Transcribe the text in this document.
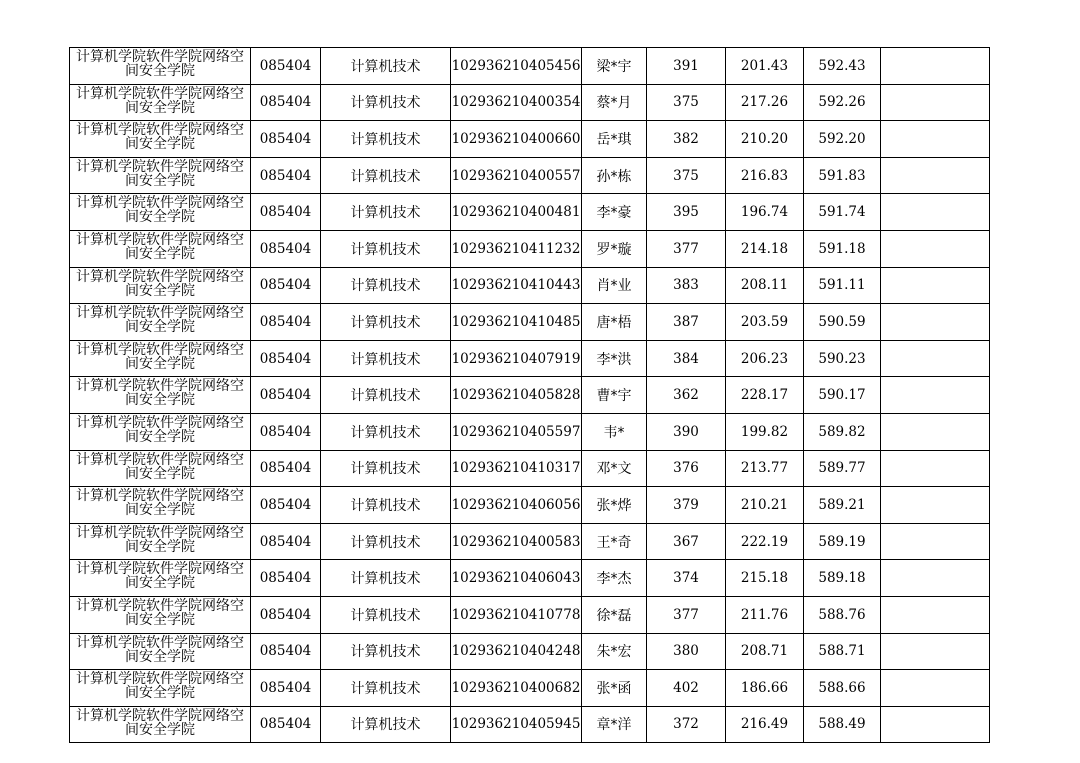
计算机学院软件学院网络空间安全学院	085404	计算机技术	102936210405456	梁*宇	391	201.43	592.43	
计算机学院软件学院网络空间安全学院	085404	计算机技术	102936210400354	蔡*月	375	217.26	592.26	
计算机学院软件学院网络空间安全学院	085404	计算机技术	102936210400660	岳*琪	382	210.20	592.20	
计算机学院软件学院网络空间安全学院	085404	计算机技术	102936210400557	孙*栋	375	216.83	591.83	
计算机学院软件学院网络空间安全学院	085404	计算机技术	102936210400481	李*豪	395	196.74	591.74	
计算机学院软件学院网络空间安全学院	085404	计算机技术	102936210411232	罗*璇	377	214.18	591.18	
计算机学院软件学院网络空间安全学院	085404	计算机技术	102936210410443	肖*业	383	208.11	591.11	
计算机学院软件学院网络空间安全学院	085404	计算机技术	102936210410485	唐*梧	387	203.59	590.59	
计算机学院软件学院网络空间安全学院	085404	计算机技术	102936210407919	李*洪	384	206.23	590.23	
计算机学院软件学院网络空间安全学院	085404	计算机技术	102936210405828	曹*宇	362	228.17	590.17	
计算机学院软件学院网络空间安全学院	085404	计算机技术	102936210405597	韦*	390	199.82	589.82	
计算机学院软件学院网络空间安全学院	085404	计算机技术	102936210410317	邓*文	376	213.77	589.77	
计算机学院软件学院网络空间安全学院	085404	计算机技术	102936210406056	张*烨	379	210.21	589.21	
计算机学院软件学院网络空间安全学院	085404	计算机技术	102936210400583	王*奇	367	222.19	589.19	
计算机学院软件学院网络空间安全学院	085404	计算机技术	102936210406043	李*杰	374	215.18	589.18	
计算机学院软件学院网络空间安全学院	085404	计算机技术	102936210410778	徐*磊	377	211.76	588.76	
计算机学院软件学院网络空间安全学院	085404	计算机技术	102936210404248	朱*宏	380	208.71	588.71	
计算机学院软件学院网络空间安全学院	085404	计算机技术	102936210400682	张*函	402	186.66	588.66	
计算机学院软件学院网络空间安全学院	085404	计算机技术	102936210405945	章*洋	372	216.49	588.49	
